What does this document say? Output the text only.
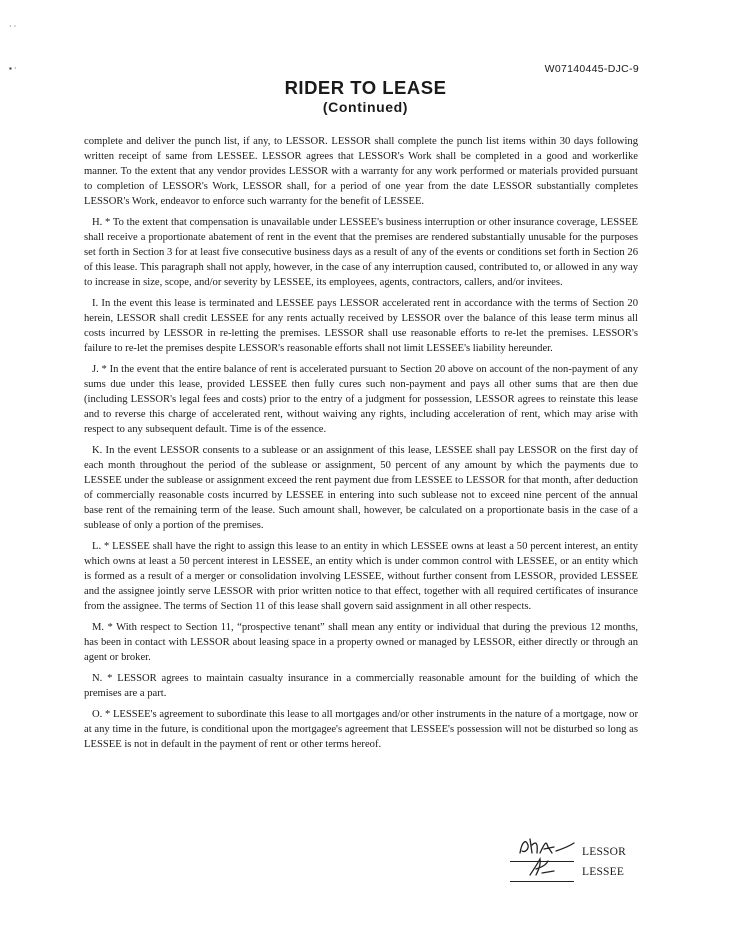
· ·
▪ ·	W07140445-DJC-9
RIDER TO LEASE
(Continued)

complete and deliver the punch list, if any, to LESSOR. LESSOR shall complete the punch list items within 30 days following written receipt of same from LESSEE. LESSOR agrees that LESSOR's Work shall be completed in a good and workerlike manner. To the extent that any vendor provides LESSOR with a warranty for any work performed or materials provided pursuant to completion of LESSOR's Work, LESSOR shall, for a period of one year from the date LESSOR substantially completes LESSOR's Work, endeavor to enforce such warranty for the benefit of LESSEE.

H. * To the extent that compensation is unavailable under LESSEE's business interruption or other insurance coverage, LESSEE shall receive a proportionate abatement of rent in the event that the premises are rendered substantially unusable for the purposes set forth in Section 3 for at least five consecutive business days as a result of any of the events or conditions set forth in Section 26 of this lease. This paragraph shall not apply, however, in the case of any interruption caused, contributed to, or allowed in any way to increase in size, scope, and/or severity by LESSEE, its employees, agents, contractors, callers, and/or invitees.

I. In the event this lease is terminated and LESSEE pays LESSOR accelerated rent in accordance with the terms of Section 20 herein, LESSOR shall credit LESSEE for any rents actually received by LESSOR over the balance of this lease term minus all costs incurred by LESSOR in re-letting the premises. LESSOR shall use reasonable efforts to re-let the premises. LESSOR's failure to re-let the premises despite LESSOR's reasonable efforts shall not limit LESSEE's liability hereunder.

J. * In the event that the entire balance of rent is accelerated pursuant to Section 20 above on account of the non-payment of any sums due under this lease, provided LESSEE then fully cures such non-payment and pays all other sums that are then due (including LESSOR's legal fees and costs) prior to the entry of a judgment for possession, LESSOR agrees to reinstate this lease and to reverse this charge of accelerated rent, without waiving any rights, including acceleration of rent, which may arise with respect to any subsequent default. Time is of the essence.

K. In the event LESSOR consents to a sublease or an assignment of this lease, LESSEE shall pay LESSOR on the first day of each month throughout the period of the sublease or assignment, 50 percent of any amount by which the payments due to LESSEE under the sublease or assignment exceed the rent payment due from LESSEE to LESSOR for that month, after deduction of commercially reasonable costs incurred by LESSEE in entering into such sublease not to exceed nine percent of the annual base rent of the remaining term of the lease. Such amount shall, however, be calculated on a proportionate basis in the case of a sublease of only a portion of the premises.

L. * LESSEE shall have the right to assign this lease to an entity in which LESSEE owns at least a 50 percent interest, an entity which owns at least a 50 percent interest in LESSEE, an entity which is under common control with LESSEE, or an entity which is formed as a result of a merger or consolidation involving LESSEE, without further consent from LESSOR, provided LESSEE and the assignee jointly serve LESSOR with prior written notice to that effect, together with all required certificates of insurance from the assignee. The terms of Section 11 of this lease shall govern said assignment in all other respects.

M. * With respect to Section 11, “prospective tenant” shall mean any entity or individual that during the previous 12 months, has been in contact with LESSOR about leasing space in a property owned or managed by LESSOR, either directly or through an agent or broker.

N. * LESSOR agrees to maintain casualty insurance in a commercially reasonable amount for the building of which the premises are a part.

O. * LESSEE's agreement to subordinate this lease to all mortgages and/or other instruments in the nature of a mortgage, now or at any time in the future, is conditional upon the mortgagee's agreement that LESSEE's possession will not be disturbed so long as LESSEE is not in default in the payment of rent or other terms hereof.

LESSOR
LESSEE
